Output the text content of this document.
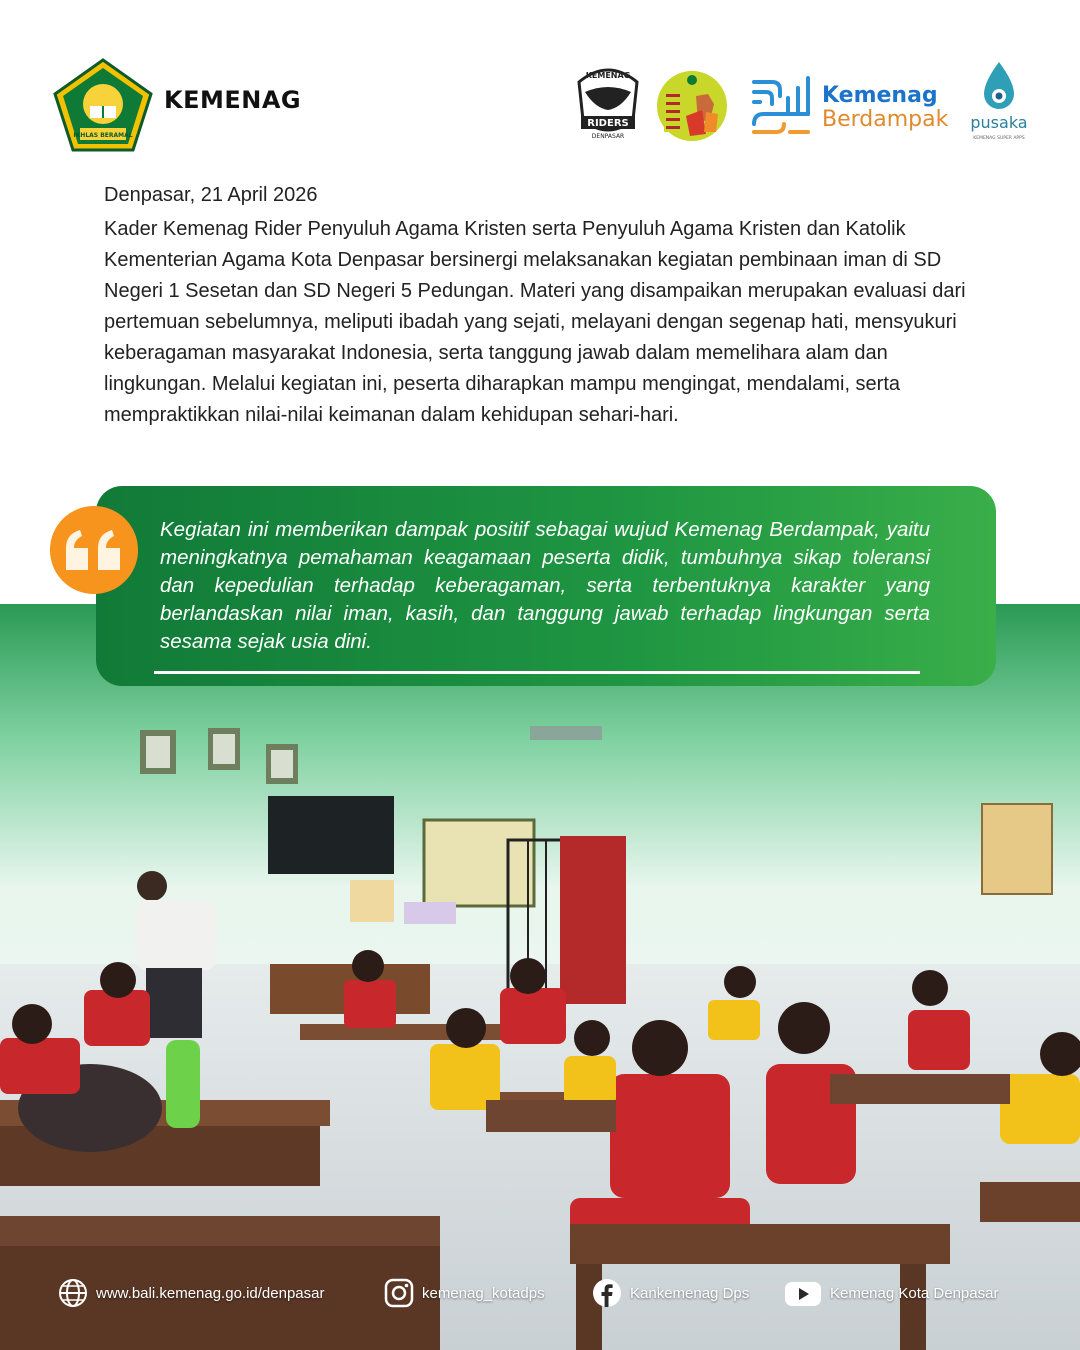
IKHLAS BERAMAL
KEMENAG
KEMENAG
RIDERS
DENPASAR
Kemenag
Berdampak pusaka
KEMENAG SUPER APPS
Denpasar, 21 April 2026

Kader Kemenag Rider Penyuluh Agama Kristen serta Penyuluh Agama Kristen dan Katolik Kementerian Agama Kota Denpasar bersinergi melaksanakan kegiatan pembinaan iman di SD Negeri 1 Sesetan dan SD Negeri 5 Pedungan. Materi yang disampaikan merupakan evaluasi dari pertemuan sebelumnya, meliputi ibadah yang sejati, melayani dengan segenap hati, mensyukuri keberagaman masyarakat Indonesia, serta tanggung jawab dalam memelihara alam dan lingkungan. Melalui kegiatan ini, peserta diharapkan mampu mengingat, mendalami, serta mempraktikkan nilai-nilai keimanan dalam kehidupan sehari-hari.

Kegiatan ini memberikan dampak positif sebagai wujud Kemenag Berdampak, yaitu meningkatnya pemahaman keagamaan peserta didik, tumbuhnya sikap toleransi dan kepedulian terhadap keberagaman, serta terbentuknya karakter yang berlandaskan nilai iman, kasih, dan tanggung jawab terhadap lingkungan serta sesama sejak usia dini.

www.bali.kemenag.go.id/denpasar	kemenag_kotadps	Kankemenag Dps	Kemenag Kota Denpasar
